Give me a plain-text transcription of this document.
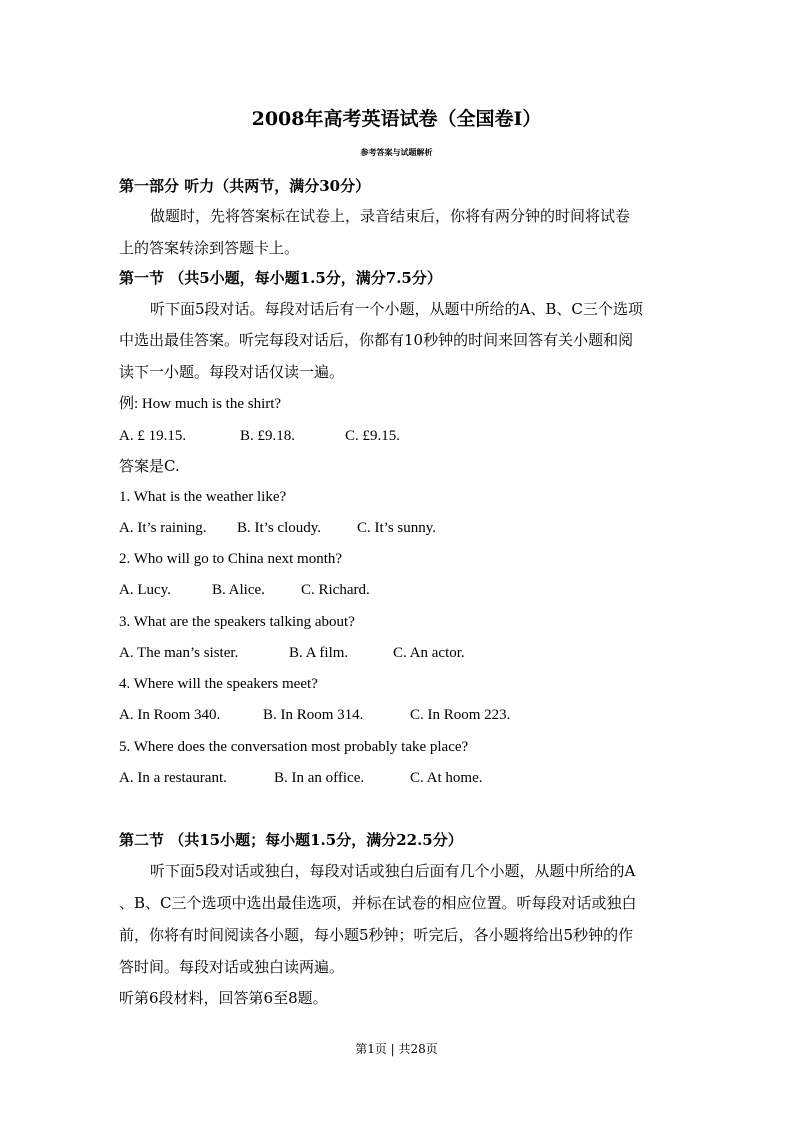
2008年高考英语试卷（全国卷I）
参考答案与试题解析
第一部分 听力（共两节，满分30分）
做题时，先将答案标在试卷上，录音结束后，你将有两分钟的时间将试卷
上的答案转涂到答题卡上。
第一节 （共5小题，每小题1.5分，满分7.5分）
听下面5段对话。每段对话后有一个小题，从题中所给的A、B、C三个选项
中选出最佳答案。听完每段对话后，你都有10秒钟的时间来回答有关小题和阅
读下一小题。每段对话仅读一遍。
例: How much is the shirt?
A. £ 19.15.	B. £9.18.	C. £9.15.
答案是C.
1. What is the weather like?
A. It’s raining. B. It’s cloudy. C. It’s sunny.
2. Who will go to China next month?
A. Lucy.	B. Alice. C. Richard.
3. What are the speakers talking about?
A. The man’s sister.	B. A film.	C. An actor.
4. Where will the speakers meet?
A. In Room 340.	B. In Room 314.	C. In Room 223.
5. Where does the conversation most probably take place?
A. In a restaurant.	B. In an office.	C. At home.
第二节 （共15小题；每小题1.5分，满分22.5分）
听下面5段对话或独白，每段对话或独白后面有几个小题，从题中所给的A
、B、C三个选项中选出最佳选项，并标在试卷的相应位置。听每段对话或独白
前，你将有时间阅读各小题，每小题5秒钟；听完后，各小题将给出5秒钟的作
答时间。每段对话或独白读两遍。
听第6段材料，回答第6至8题。
第1页 | 共28页
